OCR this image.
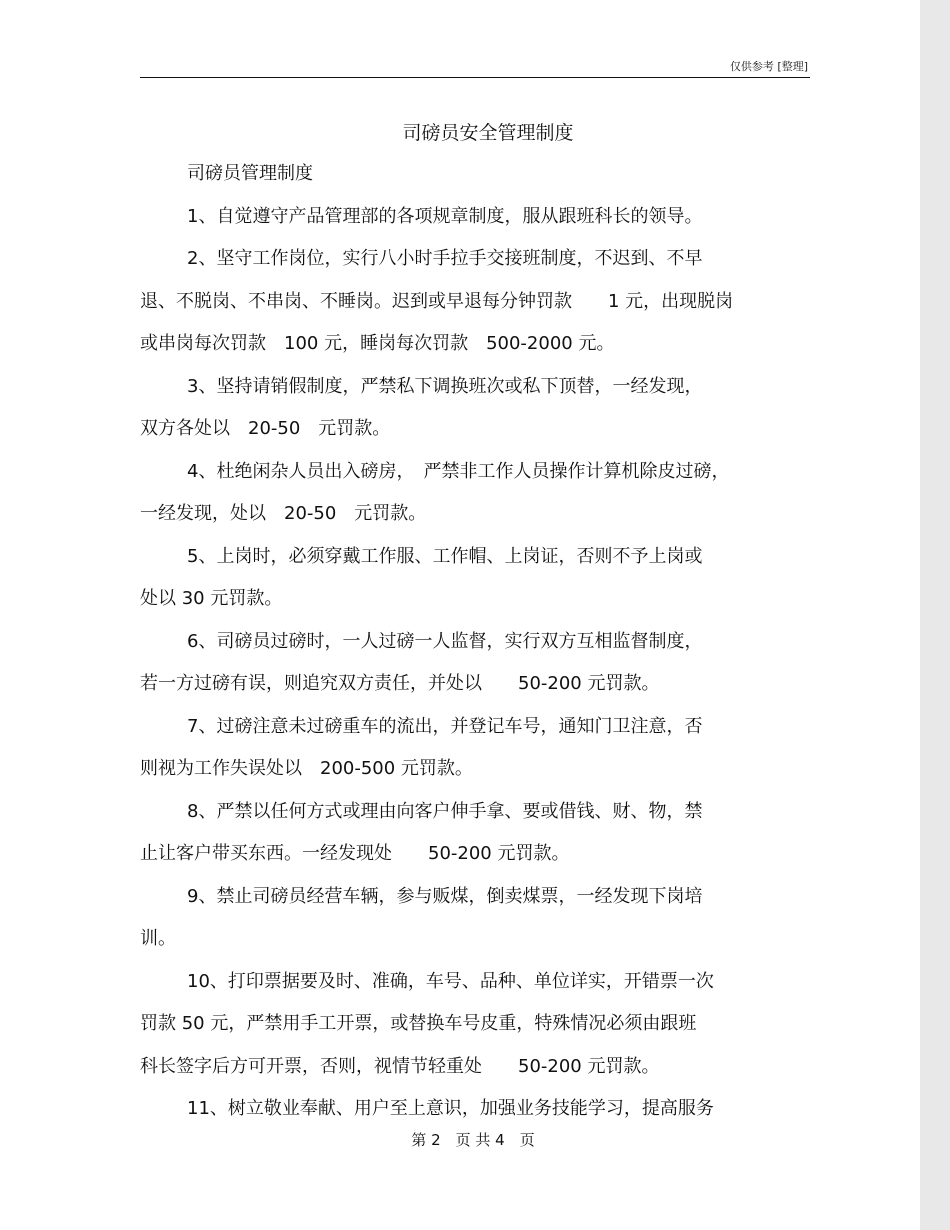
仅供参考 [整理]
司磅员安全管理制度
司磅员管理制度
1、自觉遵守产品管理部的各项规章制度，服从跟班科长的领导。
2、坚守工作岗位，实行八小时手拉手交接班制度，不迟到、不早
退、不脱岗、不串岗、不睡岗。迟到或早退每分钟罚款　　1 元，出现脱岗
或串岗每次罚款　100 元，睡岗每次罚款　500-2000 元。
3、坚持请销假制度，严禁私下调换班次或私下顶替，一经发现，
双方各处以　20-50　元罚款。
4、杜绝闲杂人员出入磅房，　严禁非工作人员操作计算机除皮过磅，
一经发现，处以　20-50　元罚款。
5、上岗时，必须穿戴工作服、工作帽、上岗证，否则不予上岗或
处以 30 元罚款。
6、司磅员过磅时，一人过磅一人监督，实行双方互相监督制度，
若一方过磅有误，则追究双方责任，并处以　　50-200 元罚款。
7、过磅注意未过磅重车的流出，并登记车号，通知门卫注意，否
则视为工作失误处以　200-500 元罚款。
8、严禁以任何方式或理由向客户伸手拿、要或借钱、财、物，禁
止让客户带买东西。一经发现处　　50-200 元罚款。
9、禁止司磅员经营车辆，参与贩煤，倒卖煤票，一经发现下岗培
训。
10、打印票据要及时、准确，车号、品种、单位详实，开错票一次
罚款 50 元，严禁用手工开票，或替换车号皮重，特殊情况必须由跟班
科长签字后方可开票，否则，视情节轻重处　　50-200 元罚款。
11、树立敬业奉献、用户至上意识，加强业务技能学习，提高服务
第 2　页 共 4　页
